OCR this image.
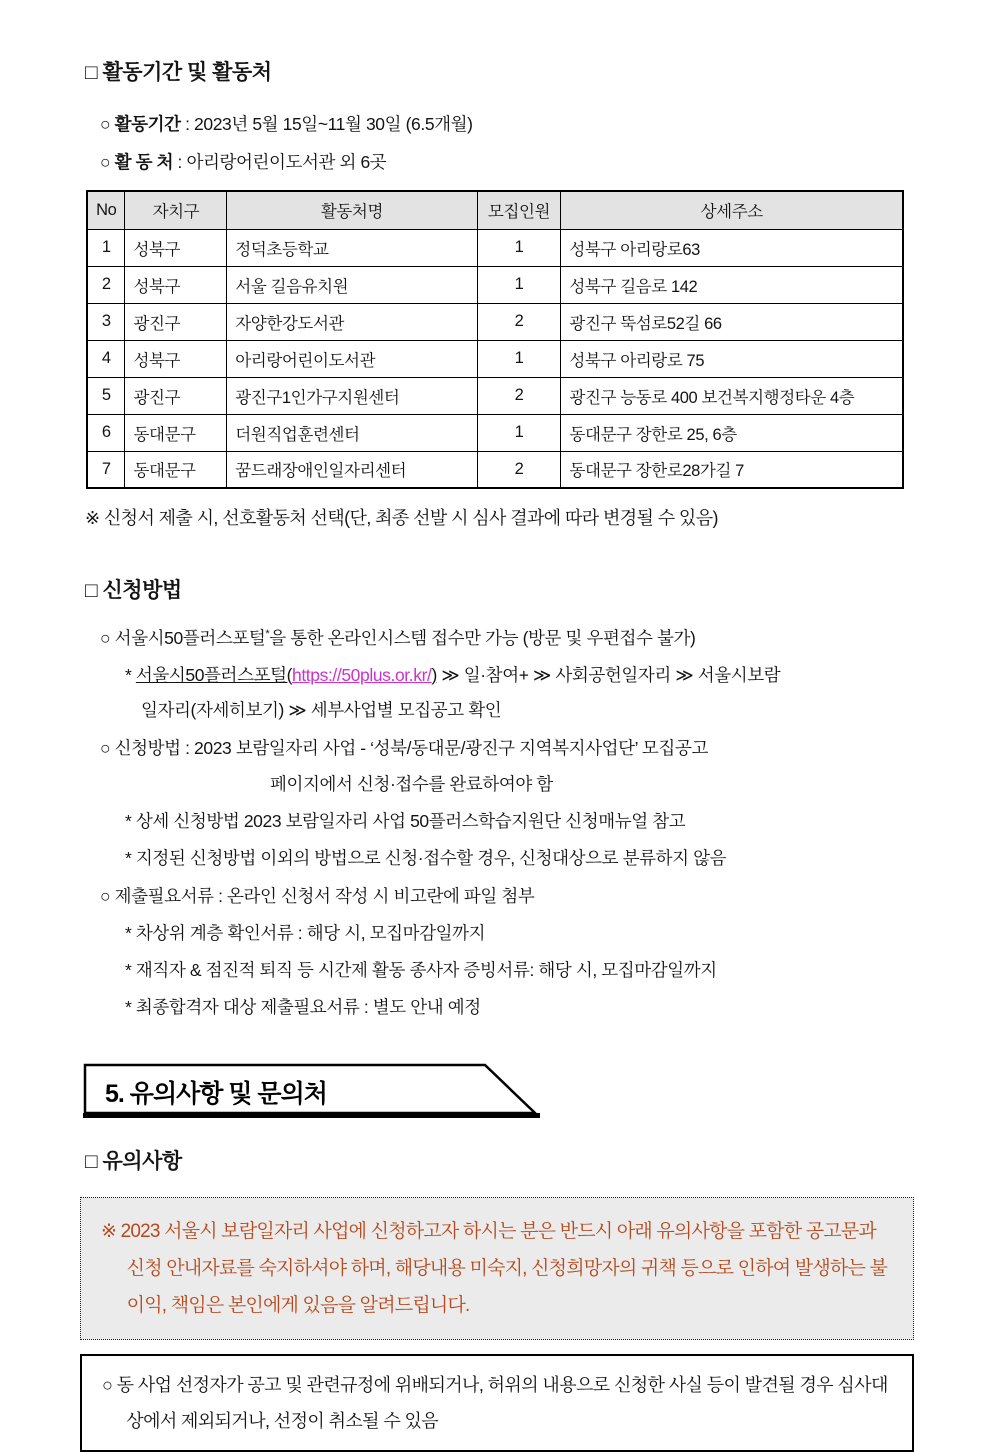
□ 활동기간 및 활동처

○ 활동기간 : 2023년 5월 15일~11월 30일 (6.5개월)

○ 활 동 처 : 아리랑어린이도서관 외 6곳

No	자치구	활동처명	모집인원	상세주소
1	성북구	정덕초등학교	1	성북구 아리랑로63
2	성북구	서울 길음유치원	1	성북구 길음로 142
3	광진구	자양한강도서관	2	광진구 뚝섬로52길 66
4	성북구	아리랑어린이도서관	1	성북구 아리랑로 75
5	광진구	광진구1인가구지원센터	2	광진구 능동로 400 보건복지행정타운 4층
6	동대문구	더원직업훈련센터	1	동대문구 장한로 25, 6층
7	동대문구	꿈드래장애인일자리센터	2	동대문구 장한로28가길 7

※ 신청서 제출 시, 선호활동처 선택(단, 최종 선발 시 심사 결과에 따라 변경될 수 있음)

□ 신청방법

○ 서울시50플러스포털*을 통한 온라인시스템 접수만 가능 (방문 및 우편접수 불가)

* 서울시50플러스포털(https://50plus.or.kr/) ≫ 일·참여+ ≫ 사회공헌일자리 ≫ 서울시보람

일자리(자세히보기) ≫ 세부사업별 모집공고 확인

○ 신청방법 : 2023 보람일자리 사업 - ‘성북/동대문/광진구 지역복지사업단’ 모집공고

페이지에서 신청·접수를 완료하여야 함

* 상세 신청방법 2023 보람일자리 사업 50플러스학습지원단 신청매뉴얼 참고

* 지정된 신청방법 이외의 방법으로 신청·접수할 경우, 신청대상으로 분류하지 않음

○ 제출필요서류 : 온라인 신청서 작성 시 비고란에 파일 첨부

* 차상위 계층 확인서류 : 해당 시, 모집마감일까지

* 재직자 & 점진적 퇴직 등 시간제 활동 종사자 증빙서류: 해당 시, 모집마감일까지

* 최종합격자 대상 제출필요서류 : 별도 안내 예정

5. 유의사항 및 문의처
□ 유의사항

※ 2023 서울시 보람일자리 사업에 신청하고자 하시는 분은 반드시 아래 유의사항을 포함한 공고문과 신청 안내자료를 숙지하셔야 하며, 해당내용 미숙지, 신청희망자의 귀책 등으로 인하여 발생하는 불이익, 책임은 본인에게 있음을 알려드립니다.

○ 동 사업 선정자가 공고 및 관련규정에 위배되거나, 허위의 내용으로 신청한 사실 등이 발견될 경우 심사대상에서 제외되거나, 선정이 취소될 수 있음
